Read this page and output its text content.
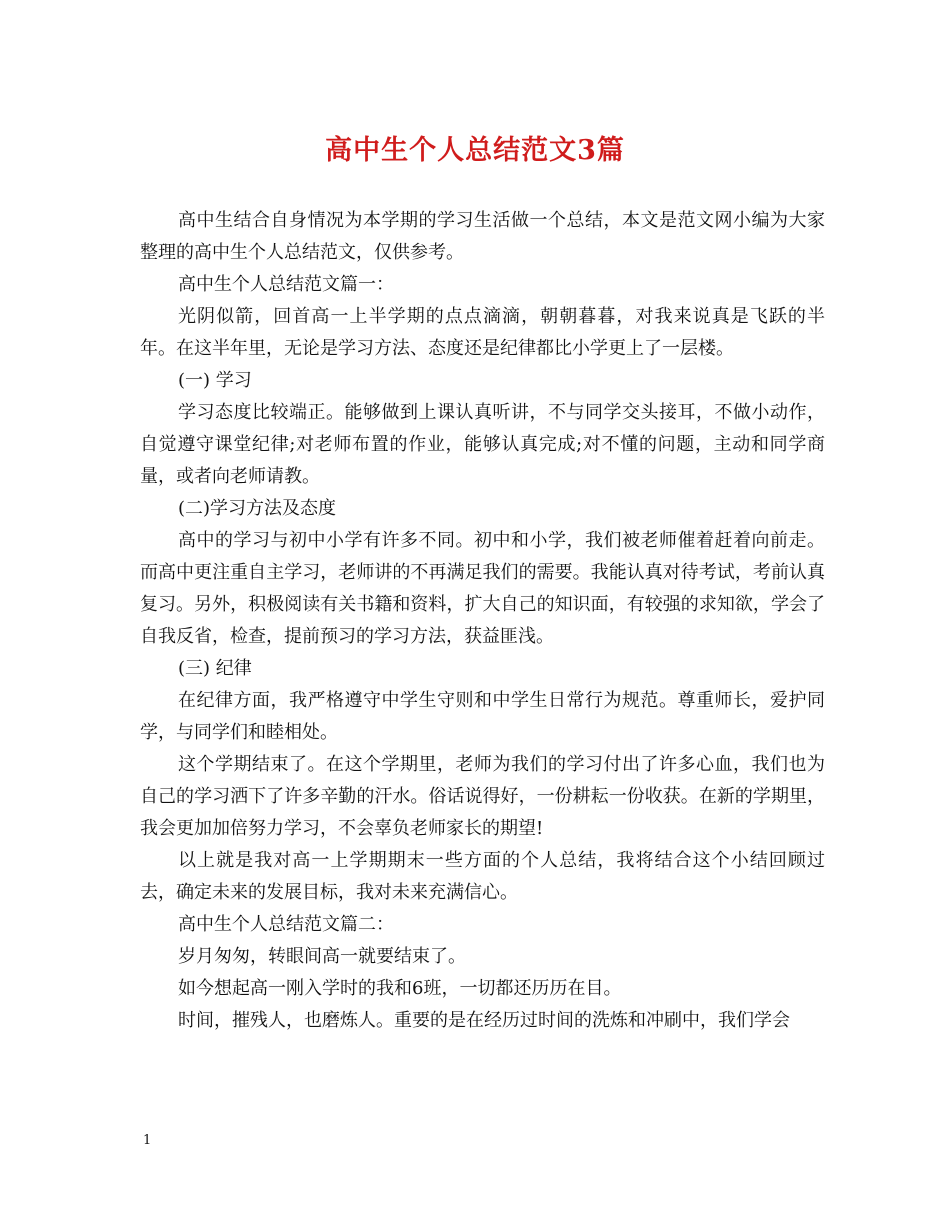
高中生个人总结范文3篇

高中生结合自身情况为本学期的学习生活做一个总结，本文是范文网小编为大家整理的高中生个人总结范文，仅供参考。

高中生个人总结范文篇一：

光阴似箭，回首高一上半学期的点点滴滴，朝朝暮暮，对我来说真是飞跃的半年。在这半年里，无论是学习方法、态度还是纪律都比小学更上了一层楼。

(一) 学习

学习态度比较端正。能够做到上课认真听讲，不与同学交头接耳，不做小动作，自觉遵守课堂纪律;对老师布置的作业，能够认真完成;对不懂的问题，主动和同学商量，或者向老师请教。

(二)学习方法及态度

高中的学习与初中小学有许多不同。初中和小学，我们被老师催着赶着向前走。而高中更注重自主学习，老师讲的不再满足我们的需要。我能认真对待考试，考前认真复习。另外，积极阅读有关书籍和资料，扩大自己的知识面，有较强的求知欲，学会了自我反省，检查，提前预习的学习方法，获益匪浅。

(三) 纪律

在纪律方面，我严格遵守中学生守则和中学生日常行为规范。尊重师长，爱护同学，与同学们和睦相处。

这个学期结束了。在这个学期里，老师为我们的学习付出了许多心血，我们也为自己的学习洒下了许多辛勤的汗水。俗话说得好，一份耕耘一份收获。在新的学期里，我会更加加倍努力学习，不会辜负老师家长的期望!

以上就是我对高一上学期期末一些方面的个人总结，我将结合这个小结回顾过去，确定未来的发展目标，我对未来充满信心。

高中生个人总结范文篇二：

岁月匆匆，转眼间高一就要结束了。

如今想起高一刚入学时的我和6班，一切都还历历在目。

时间，摧残人，也磨炼人。重要的是在经历过时间的洗炼和冲刷中，我们学会

1
